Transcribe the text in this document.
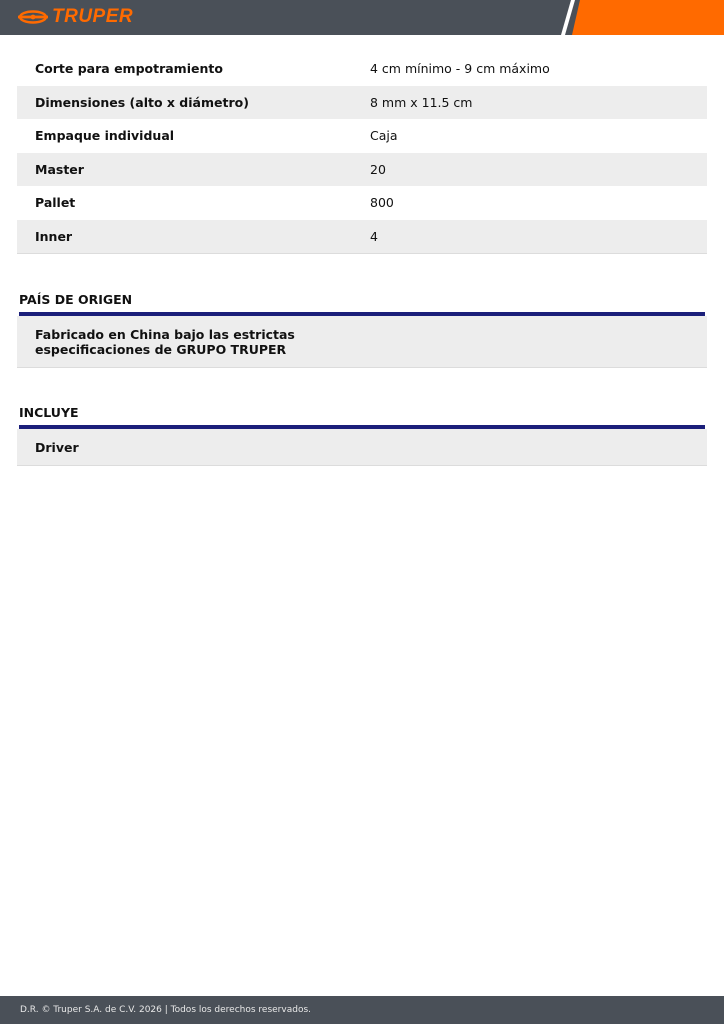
TRUPER
Corte para empotramiento	4 cm mínimo - 9 cm máximo
Dimensiones (alto x diámetro)	8 mm x 11.5 cm
Empaque individual	Caja
Master	20
Pallet	800
Inner	4
PAÍS DE ORIGEN
Fabricado en China bajo las estrictas
especificaciones de GRUPO TRUPER
INCLUYE
Driver
D.R. © Truper S.A. de C.V. 2026 | Todos los derechos reservados.
